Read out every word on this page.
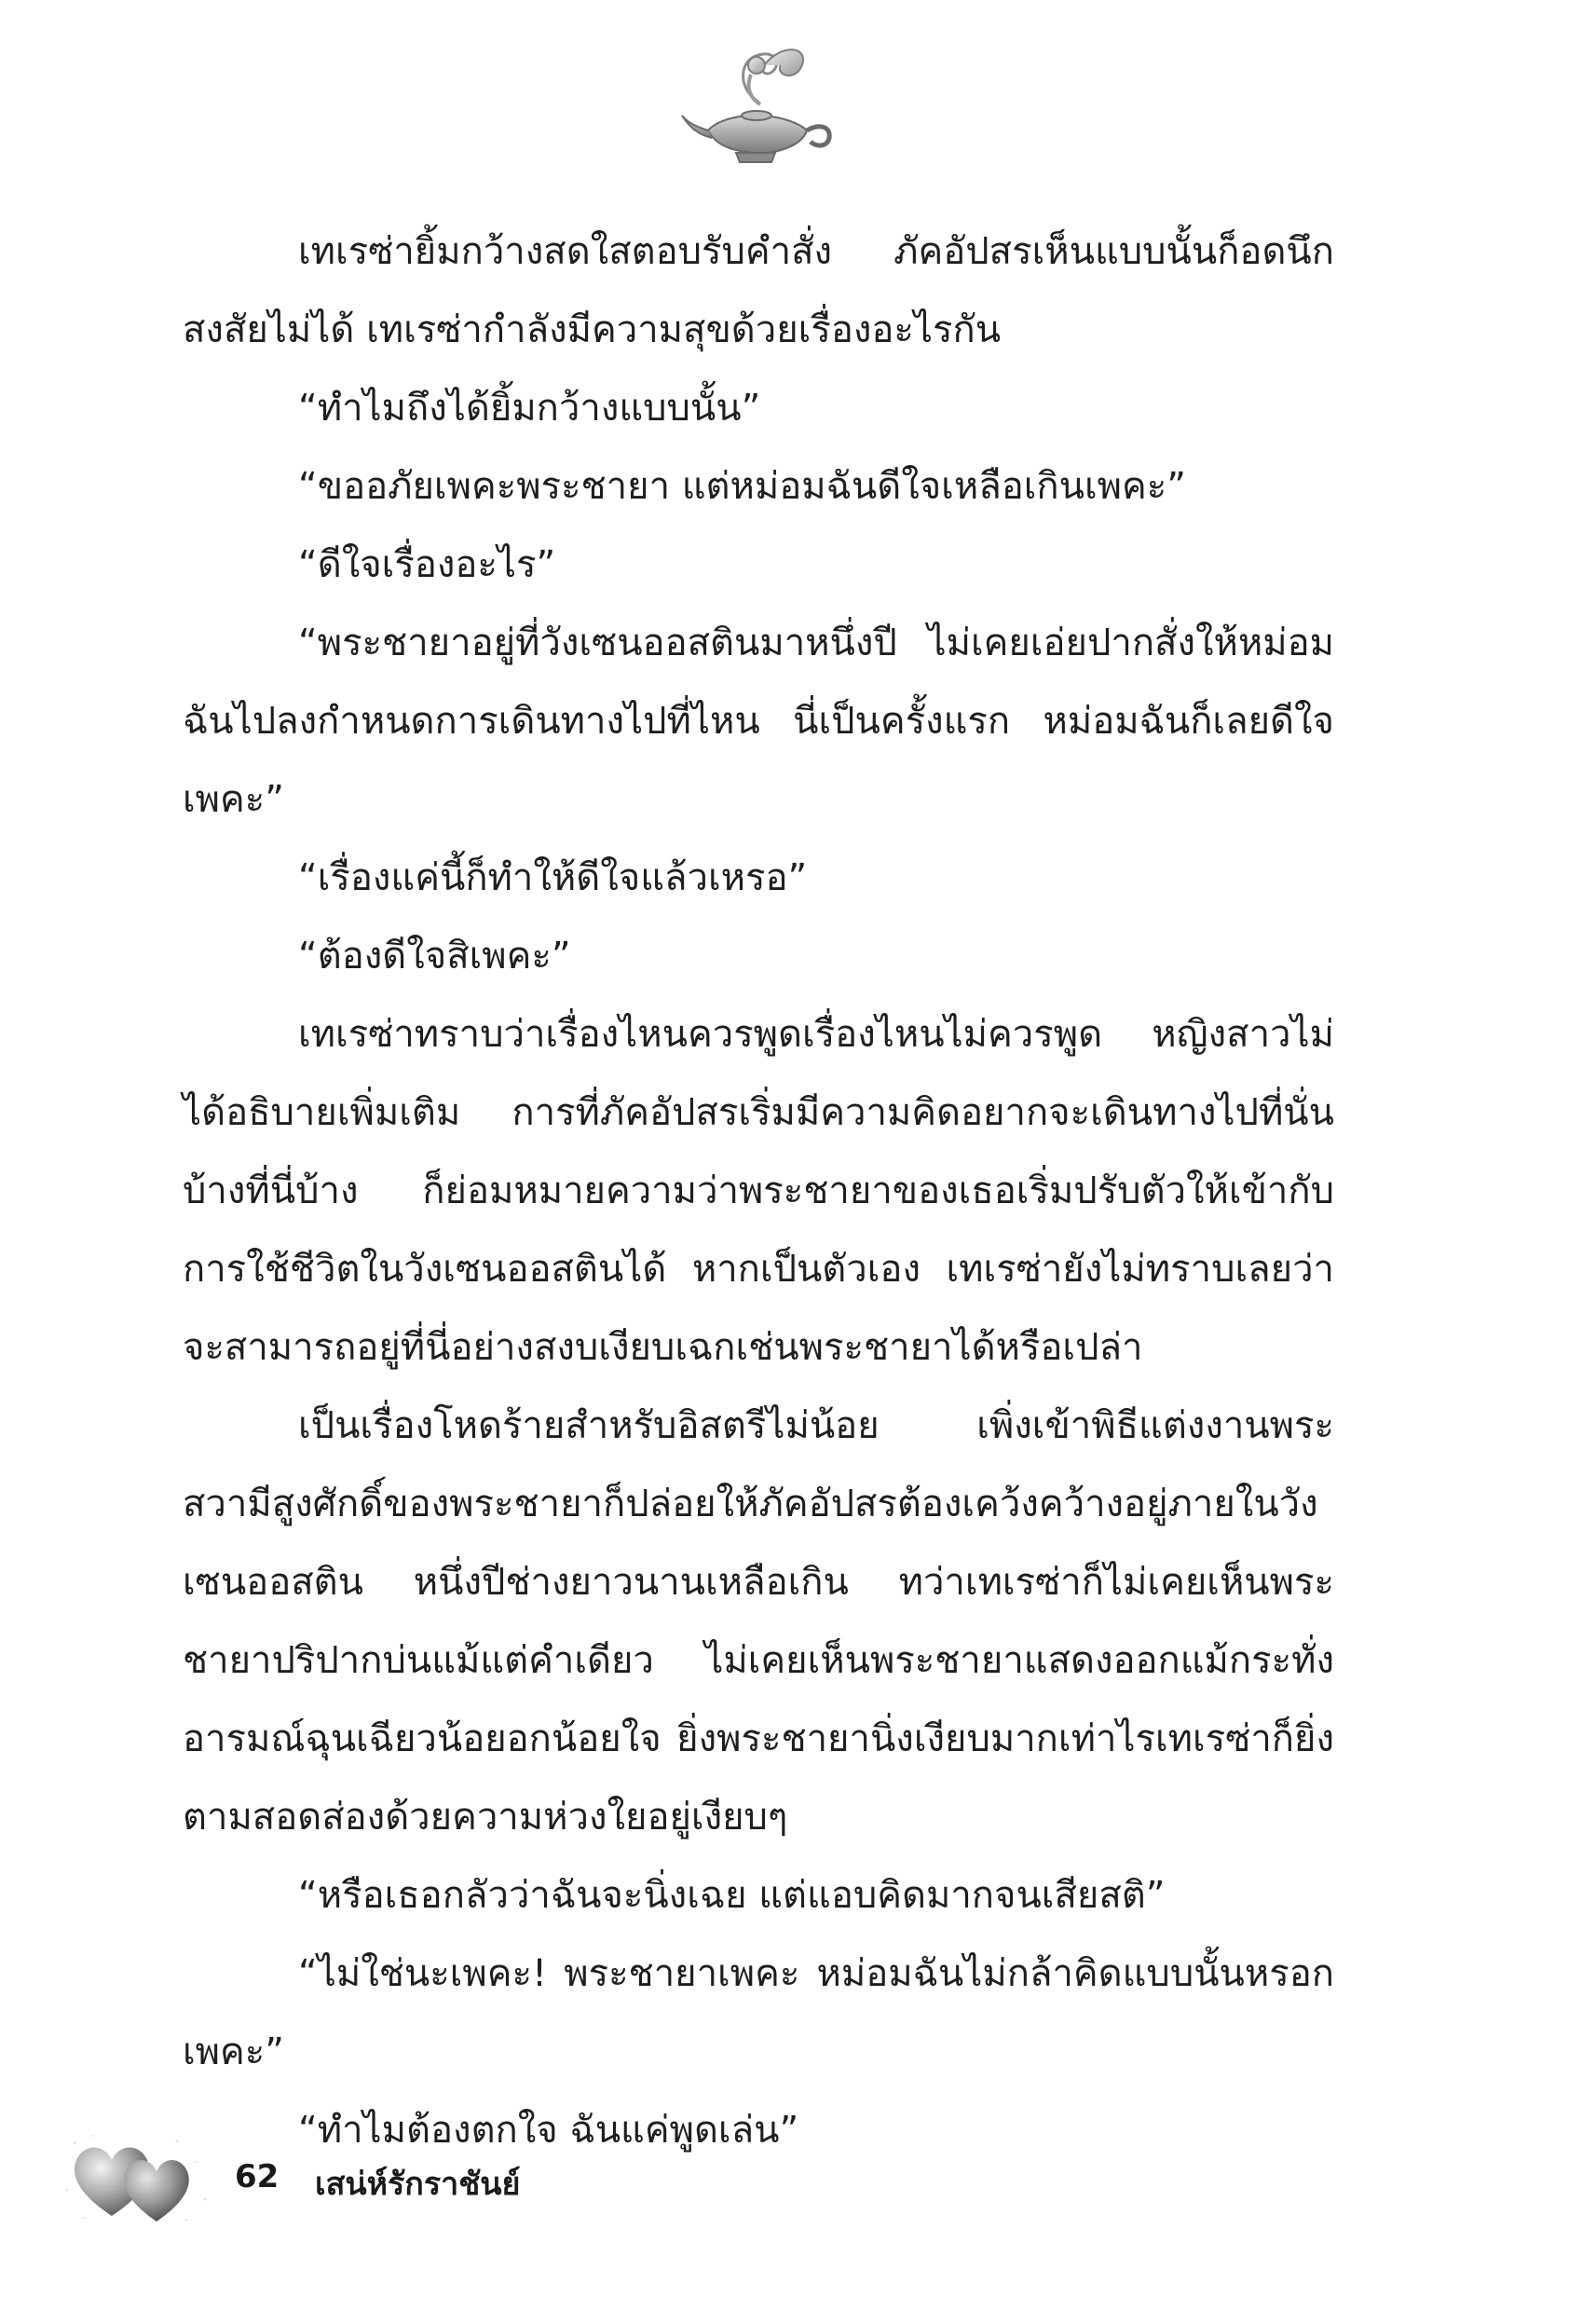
เทเรซ่ายิ้มกว้างสดใสตอบรับคำสั่ง ภัคอัปสรเห็นแบบนั้นก็อดนึกสงสัยไม่ได้ เทเรซ่ากำลังมีความสุขด้วยเรื่องอะไรกัน

“ทำไมถึงได้ยิ้มกว้างแบบนั้น”

“ขออภัยเพคะพระชายา แต่หม่อมฉันดีใจเหลือเกินเพคะ”

“ดีใจเรื่องอะไร”

“พระชายาอยู่ที่วังเซนออสตินมาหนึ่งปี ไม่เคยเอ่ยปากสั่งให้หม่อมฉันไปลงกำหนดการเดินทางไปที่ไหน นี่เป็นครั้งแรก หม่อมฉันก็เลยดีใจเพคะ”

“เรื่องแค่นี้ก็ทำให้ดีใจแล้วเหรอ”

“ต้องดีใจสิเพคะ”

เทเรซ่าทราบว่าเรื่องไหนควรพูดเรื่องไหนไม่ควรพูด หญิงสาวไม่ได้อธิบายเพิ่มเติม การที่ภัคอัปสรเริ่มมีความคิดอยากจะเดินทางไปที่นั่นบ้างที่นี่บ้าง ก็ย่อมหมายความว่าพระชายาของเธอเริ่มปรับตัวให้เข้ากับการใช้ชีวิตในวังเซนออสตินได้ หากเป็นตัวเอง เทเรซ่ายังไม่ทราบเลยว่าจะสามารถอยู่ที่นี่อย่างสงบเงียบเฉกเช่นพระชายาได้หรือเปล่า

เป็นเรื่องโหดร้ายสำหรับอิสตรีไม่น้อย เพิ่งเข้าพิธีแต่งงานพระสวามีสูงศักดิ์ของพระชายาก็ปล่อยให้ภัคอัปสรต้องเคว้งคว้างอยู่ภายในวังเซนออสติน หนึ่งปีช่างยาวนานเหลือเกิน ทว่าเทเรซ่าก็ไม่เคยเห็นพระชายาปริปากบ่นแม้แต่คำเดียว ไม่เคยเห็นพระชายาแสดงออกแม้กระทั่งอารมณ์ฉุนเฉียวน้อยอกน้อยใจ ยิ่งพระชายานิ่งเงียบมากเท่าไรเทเรซ่าก็ยิ่งตามสอดส่องด้วยความห่วงใยอยู่เงียบๆ

“หรือเธอกลัวว่าฉันจะนิ่งเฉย แต่แอบคิดมากจนเสียสติ”

“ไม่ใช่นะเพคะ! พระชายาเพคะ หม่อมฉันไม่กล้าคิดแบบนั้นหรอกเพคะ”

“ทำไมต้องตกใจ ฉันแค่พูดเล่น”

62 เสน่ห์รักราชันย์
